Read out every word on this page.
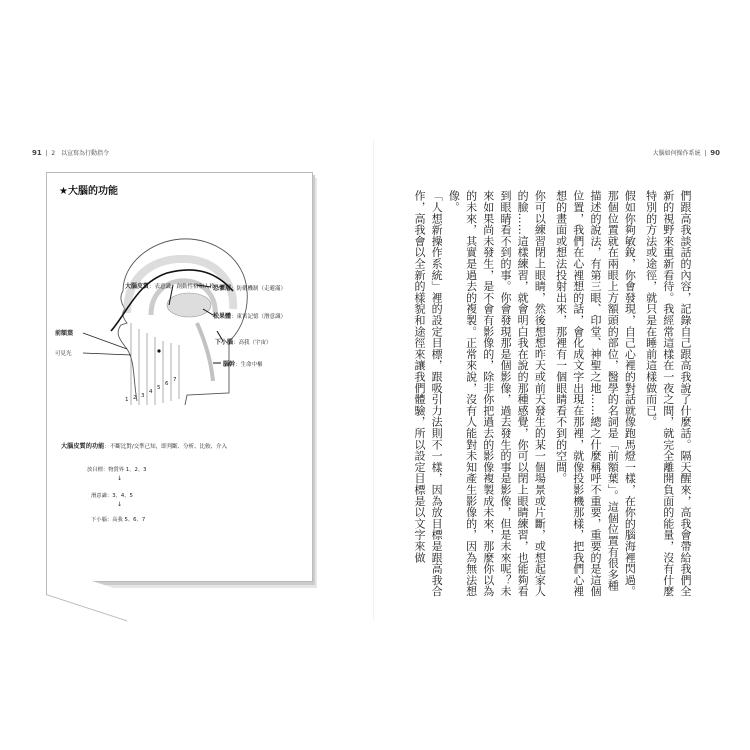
91  |  2 以宣寫為行動指令	大腦如何操作系統  |  90
★大腦的功能
大腦皮質：表意識，創動性格和人格
前額葉
可見光
恐懼層：防衛機制（走避滿）
松果體：東宮記憶（潛意識）
下小腦：高我（宇宙）
腦幹：生命中樞
1 2 3
4
5
6
7
大腦皮質的功能：不斷比對/交準已知，即判斷、分析、比較、介入
放目標：物質界 1、2、3
↓
潛意識：3、4、5
↓
下小腦：高我 5、6、7	們跟高我談話的內容，記錄自己跟高我說了什麼話。隔天醒來，高我會帶給我們全新的視野來重新看待。我經常這樣在一夜之間，就完全離開負面的能量，沒有什麼特別的方法或途徑，就只是在睡前這樣做而已。

假如你夠敏銳，你會發現，自己心裡的對話就像跑馬燈一樣，在你的腦海裡閃過。那個位置就在兩眼上方額頭的部位，醫學的名詞是「前額葉」。這個位置有很多種描述的說法，有第三眼、印堂、神聖之地……總之什麼稱呼不重要，重要的是這個位置，我們在心裡想的話，會化成文字出現在那裡，就像投影機那樣，把我們心裡想的畫面或想法投射出來，那裡有一個眼睛看不到的空間。

你可以練習閉上眼睛，然後想想昨天或前天發生的某一個場景或片斷，或想起家人的臉……這樣練習，就會明白我在說的那種感覺，你可以閉上眼睛練習，也能夠看到眼睛看不到的事。你會發現那是個影像，過去發生的事是影像，但是未來呢？未來如果尚未發生，是不會有影像的，除非你把過去的影像複製成未來，那麼你以為的未來，其實是過去的複製。正常來說，沒有人能對未知產生影像的，因為無法想像。

「人想新操作系統」裡的設定目標，跟吸引力法則不一樣，因為放目標是跟高我合作，高我會以全新的樣貌和途徑來讓我們體驗，所以設定目標是以文字來做
